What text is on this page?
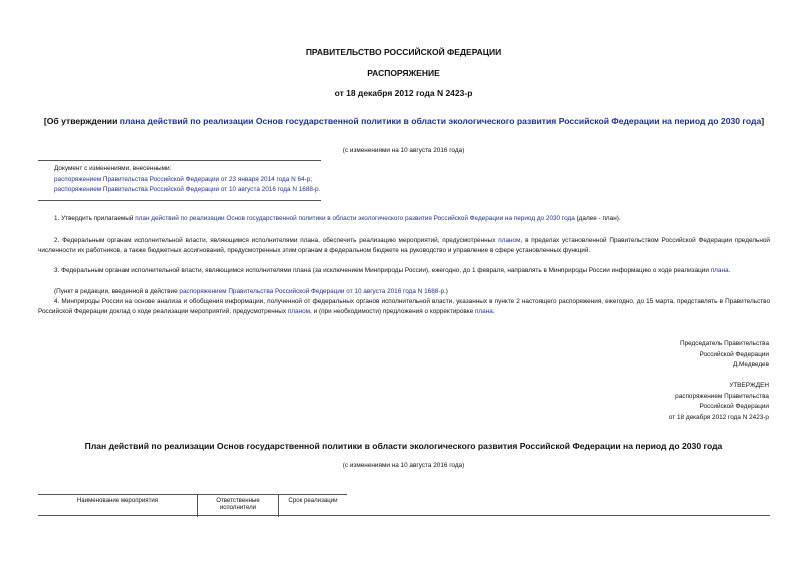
ПРАВИТЕЛЬСТВО РОССИЙСКОЙ ФЕДЕРАЦИИ
РАСПОРЯЖЕНИЕ
от 18 декабря 2012 года N 2423-р
[Об утверждении плана действий по реализации Основ государственной политики в области экологического развития Российской Федерации на период до 2030 года]
(с изменениями на 10 августа 2016 года)
Документ с изменениями, внесенными:
распоряжением Правительства Российской Федерации от 23 января 2014 года N 64-р;
распоряжением Правительства Российской Федерации от 10 августа 2016 года N 1688-р.
1. Утвердить прилагаемый план действий по реализации Основ государственной политики в области экологического развития Российской Федерации на период до 2030 года (далее - план).
2. Федеральным органам исполнительной власти, являющимся исполнителями плана, обеспечить реализацию мероприятий, предусмотренных планом, в пределах установленной Правительством Российской Федерации предельной численности их работников, а также бюджетных ассигнований, предусмотренных этим органам в федеральном бюджете на руководство и управление в сфере установленных функций.
3. Федеральным органам исполнительной власти, являющимся исполнителями плана (за исключением Минприроды России), ежегодно, до 1 февраля, направлять в Минприроды России информацию о ходе реализации плана.
(Пункт в редакции, введенной в действие распоряжением Правительства Российской Федерации от 10 августа 2016 года N 1688-р.)
4. Минприроды России на основе анализа и обобщения информации, полученной от федеральных органов исполнительной власти, указанных в пункте 2 настоящего распоряжения, ежегодно, до 15 марта, представлять в Правительство Российской Федерации доклад о ходе реализации мероприятий, предусмотренных планом, и (при необходимости) предложения о корректировке плана.
Председатель Правительства
Российской Федерации
Д.Медведев
УТВЕРЖДЕН
распоряжением Правительства
Российской Федерации
от 18 декабря 2012 года N 2423-р
План действий по реализации Основ государственной политики в области экологического развития Российской Федерации на период до 2030 года
(с изменениями на 10 августа 2016 года)
Наименование мероприятия	Ответственные исполнители	Срок реализации
